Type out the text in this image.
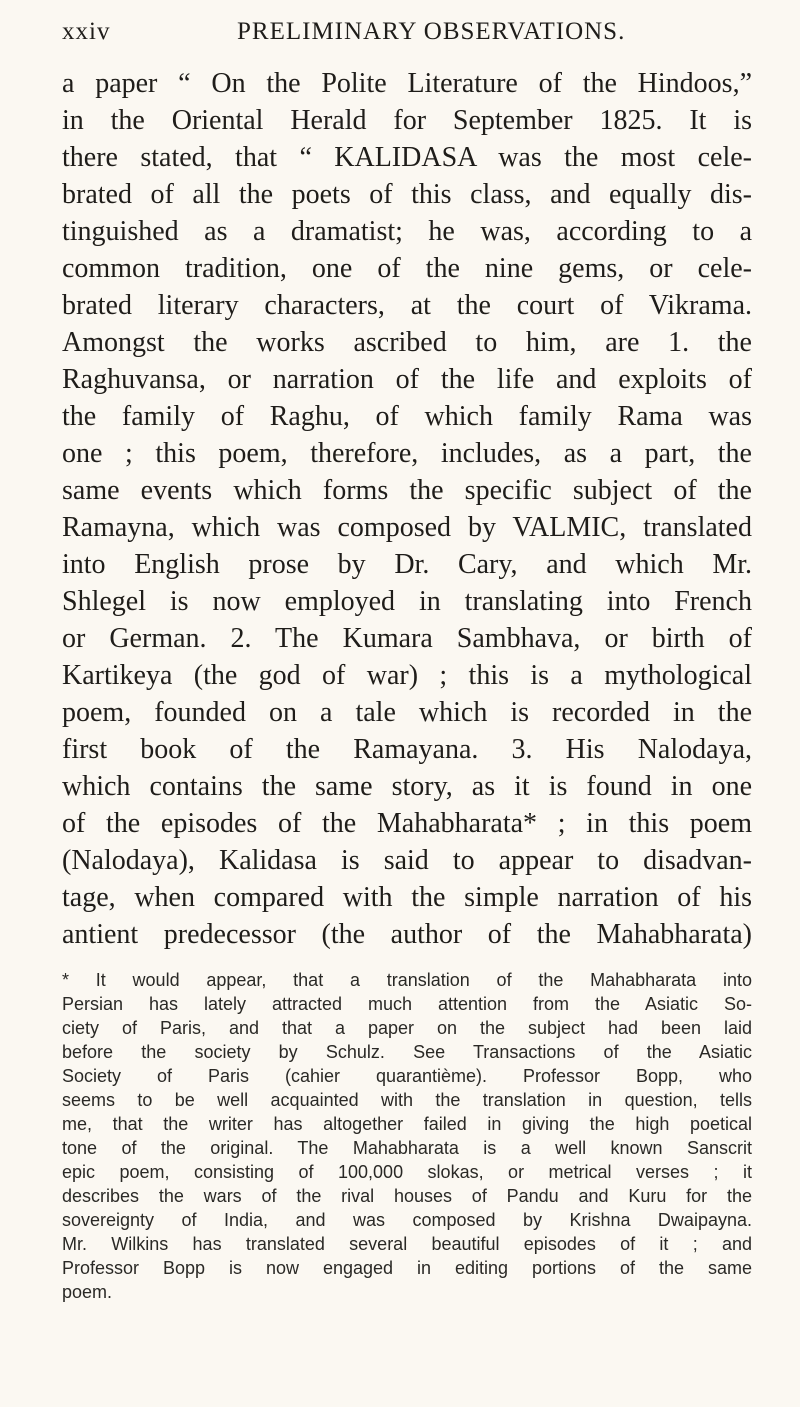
xxiv	PRELIMINARY OBSERVATIONS.
a paper “ On the Polite Literature of the Hindoos,”
in the Oriental Herald for September 1825. It is
there stated, that “ KALIDASA was the most cele-
brated of all the poets of this class, and equally dis-
tinguished as a dramatist; he was, according to a
common tradition, one of the nine gems, or cele-
brated literary characters, at the court of Vikrama.
Amongst the works ascribed to him, are 1. the
Raghuvansa, or narration of the life and exploits of
the family of Raghu, of which family Rama was
one ; this poem, therefore, includes, as a part, the
same events which forms the specific subject of the
Ramayna, which was composed by VALMIC, translated
into English prose by Dr. Cary, and which Mr.
Shlegel is now employed in translating into French
or German. 2. The Kumara Sambhava, or birth of
Kartikeya (the god of war) ; this is a mythological
poem, founded on a tale which is recorded in the
first book of the Ramayana. 3. His Nalodaya,
which contains the same story, as it is found in one
of the episodes of the Mahabharata* ; in this poem
(Nalodaya), Kalidasa is said to appear to disadvan-
tage, when compared with the simple narration of his
antient predecessor (the author of the Mahabharata)
* It would appear, that a translation of the Mahabharata into
Persian has lately attracted much attention from the Asiatic So-
ciety of Paris, and that a paper on the subject had been laid
before the society by Schulz. See Transactions of the Asiatic
Society of Paris (cahier quarantième). Professor Bopp, who
seems to be well acquainted with the translation in question, tells
me, that the writer has altogether failed in giving the high poetical
tone of the original. The Mahabharata is a well known Sanscrit
epic poem, consisting of 100,000 slokas, or metrical verses ; it
describes the wars of the rival houses of Pandu and Kuru for the
sovereignty of India, and was composed by Krishna Dwaipayna.
Mr. Wilkins has translated several beautiful episodes of it ; and
Professor Bopp is now engaged in editing portions of the same
poem.
